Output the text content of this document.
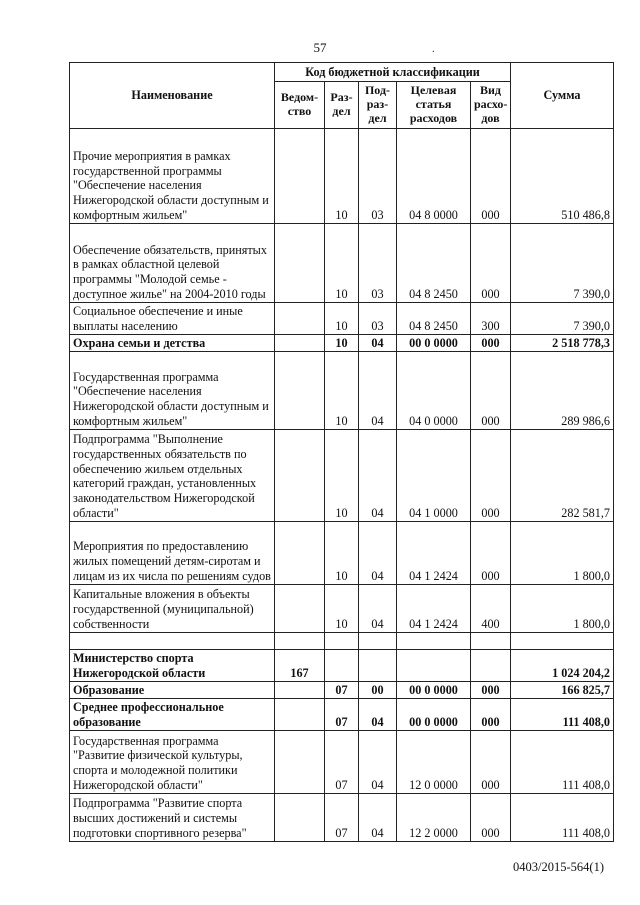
57	.
Наименование	Код бюджетной классификации					Сумма
	Ведом-ство	Раз-дел	Под-раз-дел	Целевая статья расходов	Вид расхо-дов	
Прочие мероприятия в рамках государственной программы "Обеспечение населения Нижегородской области доступным и комфортным жильем"		10	03	04 8 0000	000	510 486,8
Обеспечение обязательств, принятых в рамках областной целевой программы "Молодой семье - доступное жилье" на 2004-2010 годы		10	03	04 8 2450	000	7 390,0
Социальное обеспечение и иные выплаты населению		10	03	04 8 2450	300	7 390,0
Охрана семьи и детства		10	04	00 0 0000	000	2 518 778,3
Государственная программа "Обеспечение населения Нижегородской области доступным и комфортным жильем"		10	04	04 0 0000	000	289 986,6
Подпрограмма "Выполнение государственных обязательств по обеспечению жильем отдельных категорий граждан, установленных законодательством Нижегородской области"		10	04	04 1 0000	000	282 581,7
Мероприятия по предоставлению жилых помещений детям-сиротам и лицам из их числа по решениям судов		10	04	04 1 2424	000	1 800,0
Капитальные вложения в объекты государственной (муниципальной) собственности		10	04	04 1 2424	400	1 800,0

Министерство спорта Нижегородской области	167					1 024 204,2
Образование		07	00	00 0 0000	000	166 825,7
Среднее профессиональное образование		07	04	00 0 0000	000	111 408,0
Государственная программа "Развитие физической культуры, спорта и молодежной политики Нижегородской области"		07	04	12 0 0000	000	111 408,0
Подпрограмма "Развитие спорта высших достижений и системы подготовки спортивного резерва"		07	04	12 2 0000	000	111 408,0
0403/2015-564(1)
